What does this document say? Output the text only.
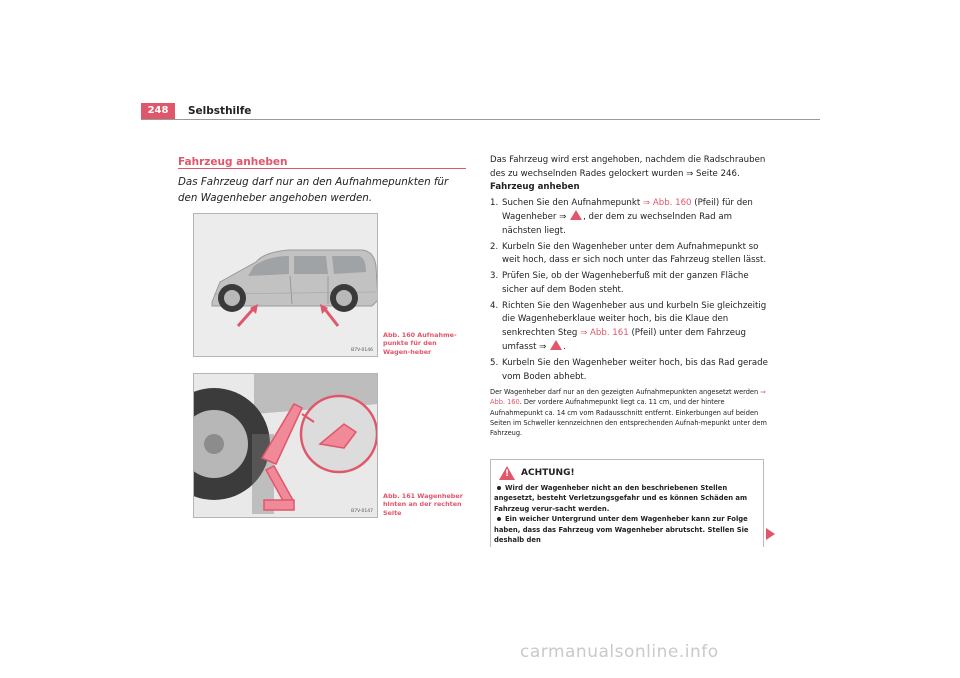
248	Selbsthilfe
Fahrzeug anheben
Das Fahrzeug darf nur an den Aufnahmepunkten für den Wagenheber angehoben werden.
B7V-0146
Abb. 160 Aufnahme-punkte für den Wagen-heber
B7V-0147
Abb. 161 Wagenheber hinten an der rechten Seite

Das Fahrzeug wird erst angehoben, nachdem die Radschrauben des zu wechselnden Rades gelockert wurden ⇒ Seite 246.

Fahrzeug anheben

1. Suchen Sie den Aufnahmepunkt ⇒ Abb. 160 (Pfeil) für den Wagenheber ⇒ , der dem zu wechselnden Rad am nächsten liegt.
2. Kurbeln Sie den Wagenheber unter dem Aufnahmepunkt so weit hoch, dass er sich noch unter das Fahrzeug stellen lässt.
3. Prüfen Sie, ob der Wagenheberfuß mit der ganzen Fläche sicher auf dem Boden steht.
4. Richten Sie den Wagenheber aus und kurbeln Sie gleichzeitig die Wagenheberklaue weiter hoch, bis die Klaue den senkrechten Steg ⇒ Abb. 161 (Pfeil) unter dem Fahrzeug umfasst ⇒ .
5. Kurbeln Sie den Wagenheber weiter hoch, bis das Rad gerade vom Boden abhebt.

Der Wagenheber darf nur an den gezeigten Aufnahmepunkten angesetzt werden ⇒ Abb. 160. Der vordere Aufnahmepunkt liegt ca. 11 cm, und der hintere Aufnahmepunkt ca. 14 cm vom Radausschnitt entfernt. Einkerbungen auf beiden Seiten im Schweller kennzeichnen den entsprechenden Aufnah-mepunkt unter dem Fahrzeug.

!
ACHTUNG!
Wird der Wagenheber nicht an den beschriebenen Stellen angesetzt, besteht Verletzungsgefahr und es können Schäden am Fahrzeug verur-sacht werden.
Ein weicher Untergrund unter dem Wagenheber kann zur Folge haben, dass das Fahrzeug vom Wagenheber abrutscht. Stellen Sie deshalb den
carmanualsonline.info
